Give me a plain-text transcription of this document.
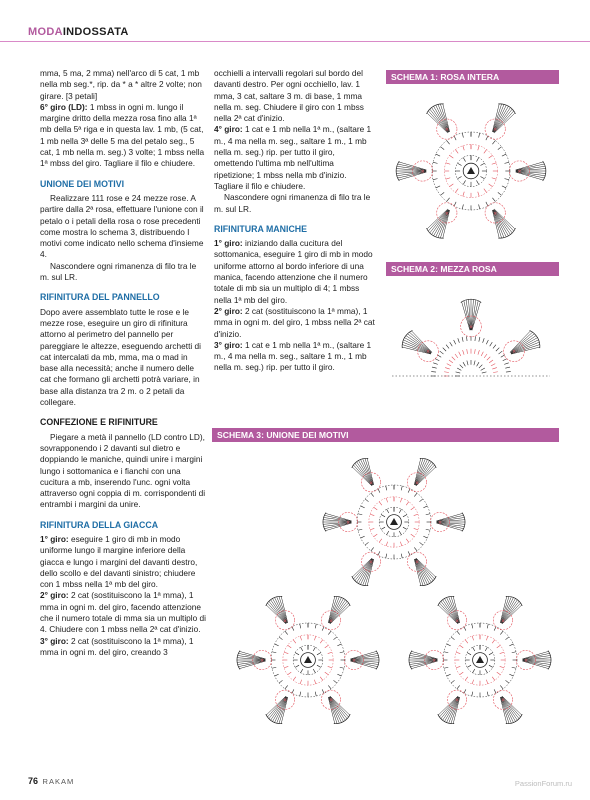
MODAINDOSSATA

mma, 5 ma, 2 mma) nell'arco di 5 cat, 1 mb nella mb seg.*, rip. da * a * altre 2 volte; non girare. [3 petali]

6° giro (LD): 1 mbss in ogni m. lungo il margine dritto della mezza rosa fino alla 1ª mb della 5ª riga e in questa lav. 1 mb, (5 cat, 1 mb nella 3ª delle 5 ma del petalo seg., 5 cat, 1 mb nella m. seg.) 3 volte; 1 mbss nella 1ª mbss del giro. Tagliare il filo e chiudere.

UNIONE DEI MOTIVI

Realizzare 111 rose e 24 mezze rose. A partire dalla 2ª rosa, effettuare l'unione con il petalo o i petali della rosa o rose precedenti come mostra lo schema 3, distribuendo I motivi come indicato nello schema d'insieme 4.

Nascondere ogni rimanenza di filo tra le m. sul LR.

RIFINITURA DEL PANNELLO

Dopo avere assemblato tutte le rose e le mezze rose, eseguire un giro di rifinitura attorno al perimetro del pannello per pareggiare le altezze, eseguendo archetti di cat intercalati da mb, mma, ma o mad in base alla necessità; anche il numero delle cat che formano gli archetti potrà variare, in base alla distanza tra 2 m. o 2 petali da collegare.

CONFEZIONE E RIFINITURE

Piegare a metà il pannello (LD contro LD), sovrapponendo i 2 davanti sul dietro e doppiando le maniche, quindi unire i margini lungo i sottomanica e i fianchi con una cucitura a mb, inserendo l'unc. ogni volta attraverso ogni coppia di m. corrispondenti di entrambi i margini da unire.

RIFINITURA DELLA GIACCA

1° giro: eseguire 1 giro di mb in modo uniforme lungo il margine inferiore della giacca e lungo i margini del davanti destro, dello scollo e del davanti sinistro; chiudere con 1 mbss nella 1ª mb del giro.

2° giro: 2 cat (sostituiscono la 1ª mma), 1 mma in ogni m. del giro, facendo attenzione che il numero totale di mma sia un multiplo di 4. Chiudere con 1 mbss nella 2ª cat d'inizio.

3° giro: 2 cat (sostituiscono la 1ª mma), 1 mma in ogni m. del giro, creando 3

occhielli a intervalli regolari sul bordo del davanti destro. Per ogni occhiello, lav. 1 mma, 3 cat, saltare 3 m. di base, 1 mma nella m. seg. Chiudere il giro con 1 mbss nella 2ª cat d'inizio.

4° giro: 1 cat e 1 mb nella 1ª m., (saltare 1 m., 4 ma nella m. seg., saltare 1 m., 1 mb nella m. seg.) rip. per tutto il giro, omettendo l'ultima mb nell'ultima ripetizione; 1 mbss nella mb d'inizio. Tagliare il filo e chiudere.

Nascondere ogni rimanenza di filo tra le m. sul LR.

RIFINITURA MANICHE

1° giro: iniziando dalla cucitura del sottomanica, eseguire 1 giro di mb in modo uniforme attorno al bordo inferiore di una manica, facendo attenzione che il numero totale di mb sia un multiplo di 4; 1 mbss nella 1ª mb del giro.

2° giro: 2 cat (sostituiscono la 1ª mma), 1 mma in ogni m. del giro, 1 mbss nella 2ª cat d'inizio.

3° giro: 1 cat e 1 mb nella 1ª m., (saltare 1 m., 4 ma nella m. seg., saltare 1 m., 1 mb nella m. seg.) rip. per tutto il giro.

SCHEMA 1: ROSA INTERA
SCHEMA 2: MEZZA ROSA
SCHEMA 3: UNIONE DEI MOTIVI
×
×
×
×
×
×
×
×
×
×
×
×
×
×
×
×
×
×
×
×
×	×
×
×
×
×
×
76 RAKAM	PassionForum.ru
